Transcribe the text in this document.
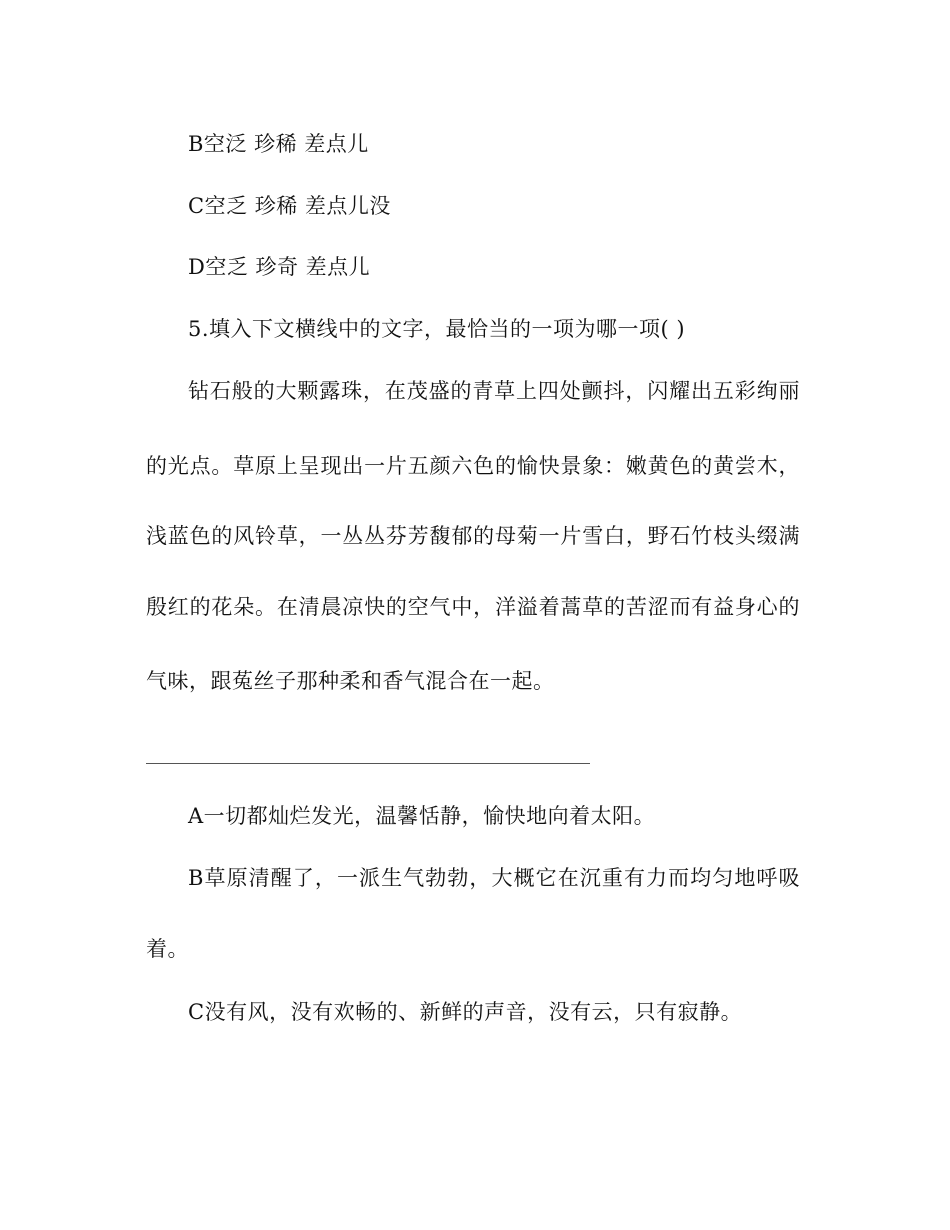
B空泛 珍稀 差点儿
C空乏 珍稀 差点儿没
D空乏 珍奇 差点儿
5.填入下文横线中的文字，最恰当的一项为哪一项( )
钻石般的大颗露珠，在茂盛的青草上四处颤抖，闪耀出五彩绚丽
的光点。草原上呈现出一片五颜六色的愉快景象：嫩黄色的黄尝木，
浅蓝色的风铃草，一丛丛芬芳馥郁的母菊一片雪白，野石竹枝头缀满
殷红的花朵。在清晨凉快的空气中，洋溢着蒿草的苦涩而有益身心的
气味，跟菟丝子那种柔和香气混合在一起。
A一切都灿烂发光，温馨恬静，愉快地向着太阳。
B草原清醒了，一派生气勃勃，大概它在沉重有力而均匀地呼吸
着。
C没有风，没有欢畅的、新鲜的声音，没有云，只有寂静。
